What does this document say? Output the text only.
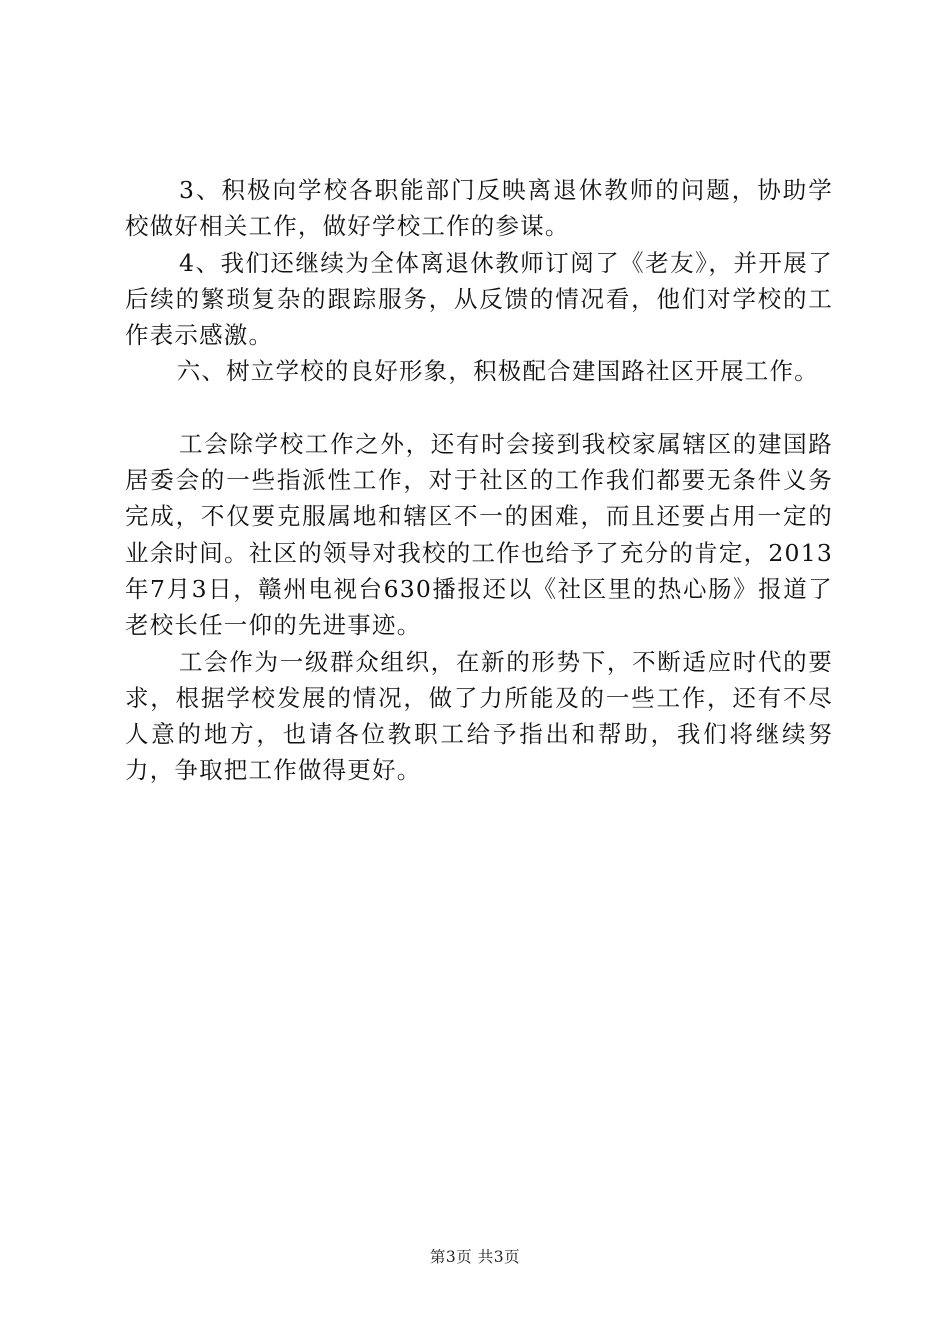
3、积极向学校各职能部门反映离退休教师的问题，协助学校做好相关工作，做好学校工作的参谋。

4、我们还继续为全体离退休教师订阅了《老友》，并开展了后续的繁琐复杂的跟踪服务，从反馈的情况看，他们对学校的工作表示感激。

六、树立学校的良好形象，积极配合建国路社区开展工作。

工会除学校工作之外，还有时会接到我校家属辖区的建国路居委会的一些指派性工作，对于社区的工作我们都要无条件义务完成，不仅要克服属地和辖区不一的困难，而且还要占用一定的业余时间。社区的领导对我校的工作也给予了充分的肯定，2013年7月3日，赣州电视台630播报还以《社区里的热心肠》报道了老校长任一仰的先进事迹。

工会作为一级群众组织，在新的形势下，不断适应时代的要求，根据学校发展的情况，做了力所能及的一些工作，还有不尽人意的地方，也请各位教职工给予指出和帮助，我们将继续努力，争取把工作做得更好。

第3页 共3页
